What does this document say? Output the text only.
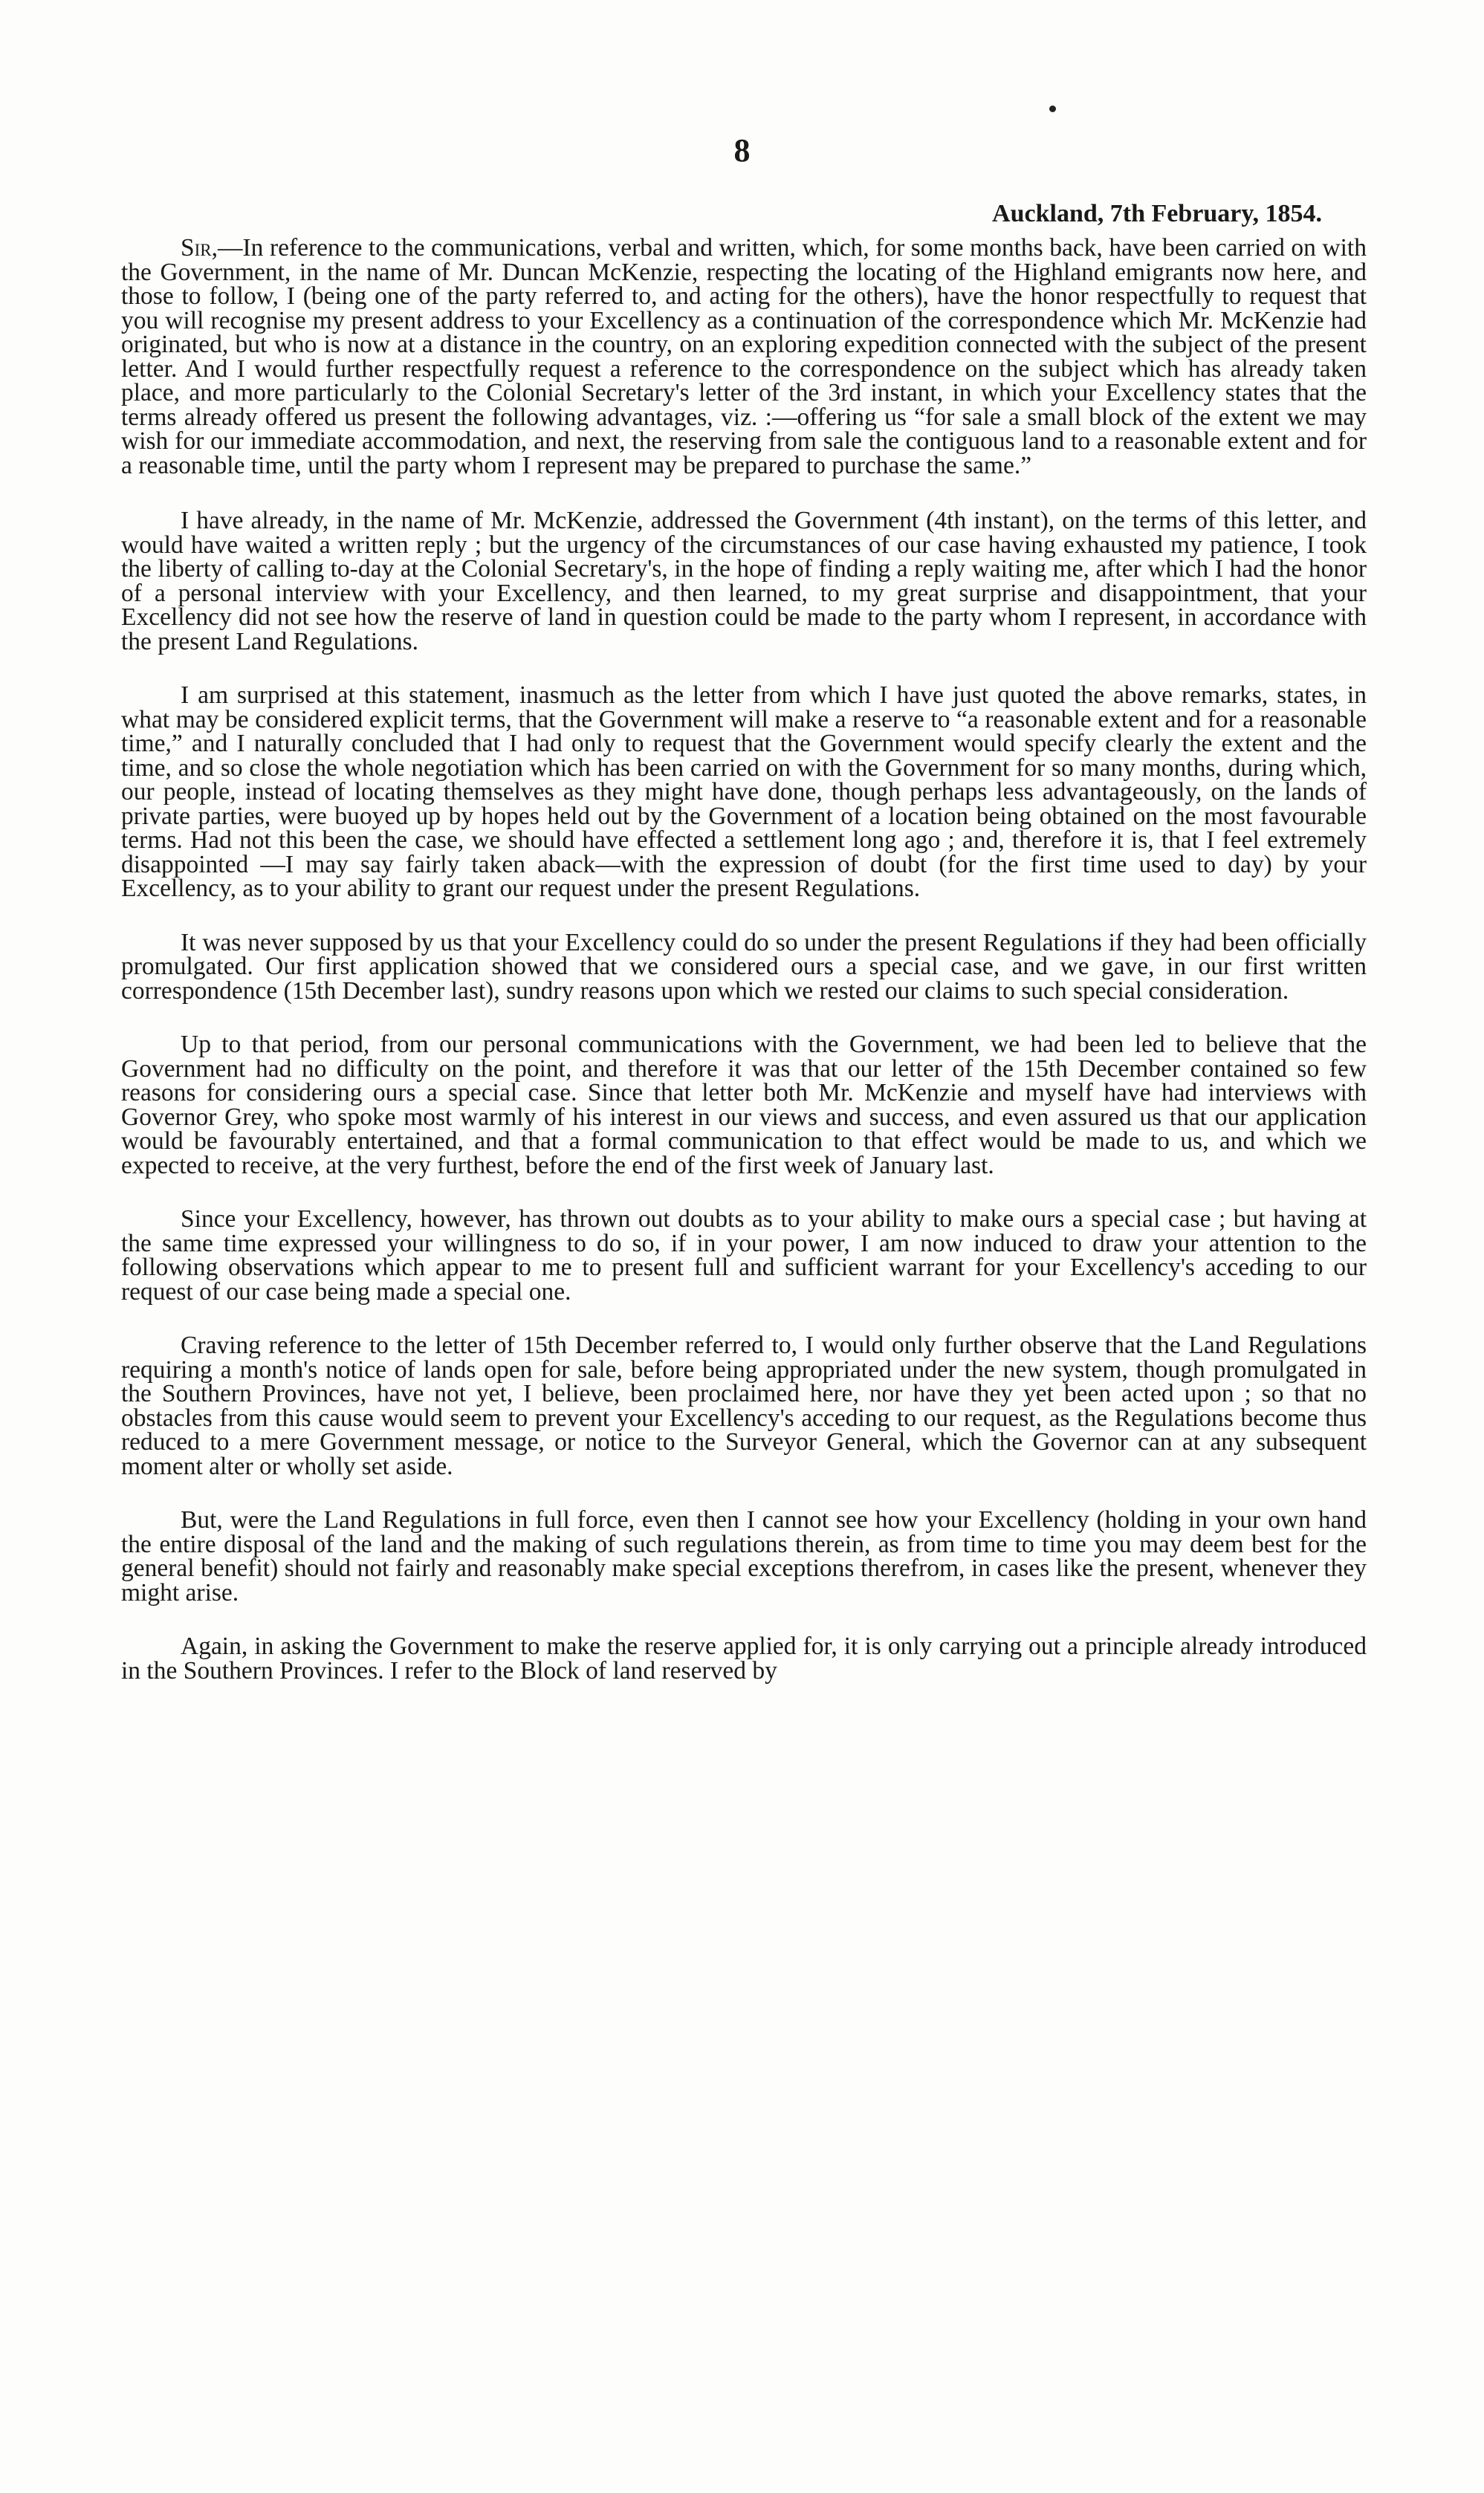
8
Auckland, 7th February, 1854.

Sir,—In reference to the communications, verbal and written, which, for some months back, have been carried on with the Government, in the name of Mr. Duncan McKenzie, respecting the locating of the Highland emigrants now here, and those to follow, I (being one of the party referred to, and acting for the others), have the honor respectfully to request that you will recognise my present address to your Excellency as a continuation of the correspondence which Mr. McKenzie had originated, but who is now at a distance in the country, on an exploring expedition connected with the subject of the present letter. And I would further respectfully request a reference to the correspondence on the subject which has already taken place, and more particularly to the Colonial Secretary's letter of the 3rd instant, in which your Excellency states that the terms already offered us present the following advantages, viz. :—offering us “for sale a small block of the extent we may wish for our immediate accommodation, and next, the reserving from sale the contiguous land to a reasonable extent and for a reasonable time, until the party whom I represent may be prepared to purchase the same.”

I have already, in the name of Mr. McKenzie, addressed the Government (4th instant), on the terms of this letter, and would have waited a written reply ; but the urgency of the circumstances of our case having exhausted my patience, I took the liberty of calling to-day at the Colonial Secretary's, in the hope of finding a reply waiting me, after which I had the honor of a personal interview with your Excellency, and then learned, to my great surprise and disappointment, that your Excellency did not see how the reserve of land in question could be made to the party whom I represent, in accordance with the present Land Regulations.

I am surprised at this statement, inasmuch as the letter from which I have just quoted the above remarks, states, in what may be considered explicit terms, that the Government will make a reserve to “a reasonable extent and for a reasonable time,” and I naturally concluded that I had only to request that the Government would specify clearly the extent and the time, and so close the whole negotiation which has been carried on with the Government for so many months, during which, our people, instead of locating themselves as they might have done, though perhaps less advantageously, on the lands of private parties, were buoyed up by hopes held out by the Government of a location being obtained on the most favourable terms. Had not this been the case, we should have effected a settlement long ago ; and, therefore it is, that I feel extremely disappointed —I may say fairly taken aback—with the expression of doubt (for the first time used to day) by your Excellency, as to your ability to grant our request under the present Regulations.

It was never supposed by us that your Excellency could do so under the present Regulations if they had been officially promulgated. Our first application showed that we considered ours a special case, and we gave, in our first written correspondence (15th December last), sundry reasons upon which we rested our claims to such special consideration.

Up to that period, from our personal communications with the Government, we had been led to believe that the Government had no difficulty on the point, and therefore it was that our letter of the 15th December contained so few reasons for considering ours a special case. Since that letter both Mr. McKenzie and myself have had interviews with Governor Grey, who spoke most warmly of his interest in our views and success, and even assured us that our application would be favourably entertained, and that a formal communication to that effect would be made to us, and which we expected to receive, at the very furthest, before the end of the first week of January last.

Since your Excellency, however, has thrown out doubts as to your ability to make ours a special case ; but having at the same time expressed your willingness to do so, if in your power, I am now induced to draw your attention to the following observations which appear to me to present full and sufficient warrant for your Excellency's acceding to our request of our case being made a special one.

Craving reference to the letter of 15th December referred to, I would only further observe that the Land Regulations requiring a month's notice of lands open for sale, before being appropriated under the new system, though promulgated in the Southern Provinces, have not yet, I believe, been proclaimed here, nor have they yet been acted upon ; so that no obstacles from this cause would seem to prevent your Excellency's acceding to our request, as the Regulations become thus reduced to a mere Government message, or notice to the Surveyor General, which the Governor can at any subsequent moment alter or wholly set aside.

But, were the Land Regulations in full force, even then I cannot see how your Excellency (holding in your own hand the entire disposal of the land and the making of such regulations therein, as from time to time you may deem best for the general benefit) should not fairly and reasonably make special exceptions therefrom, in cases like the present, whenever they might arise.

Again, in asking the Government to make the reserve applied for, it is only carrying out a principle already introduced in the Southern Provinces. I refer to the Block of land reserved by
